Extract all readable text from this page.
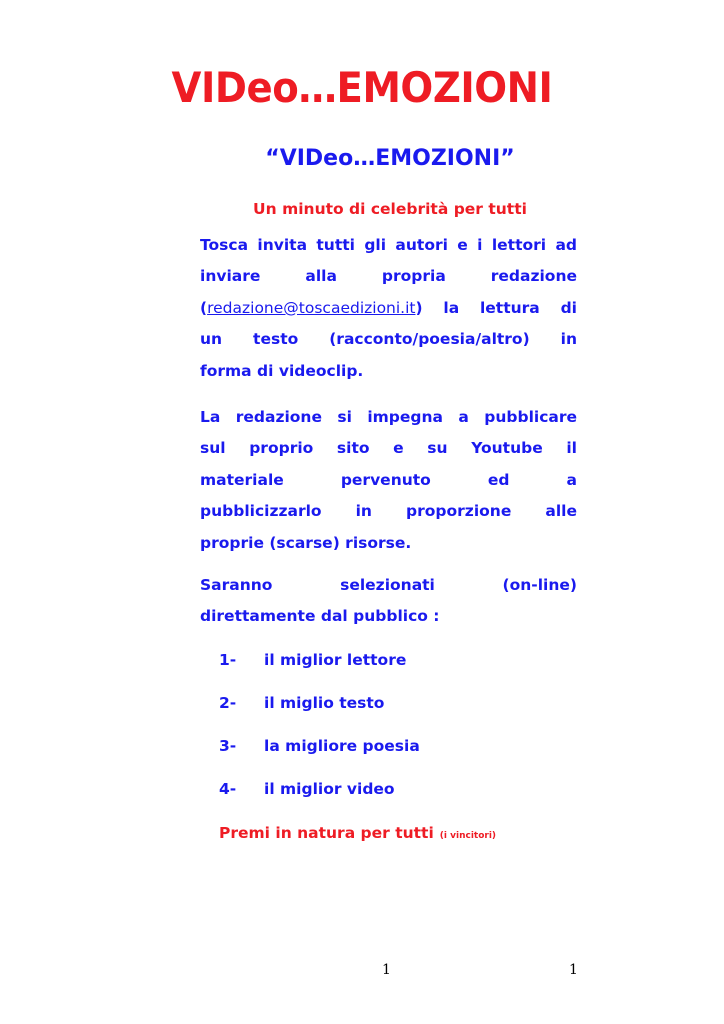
VIDeo…EMOZIONI
“VIDeo…EMOZIONI”

Un minuto di celebrità per tutti

Tosca invita tutti gli autori e i lettori ad
inviare alla propria redazione
(redazione@toscaedizioni.it) la lettura di
un testo (racconto/poesia/altro) in
forma di videoclip.
La redazione si impegna a pubblicare
sul proprio sito e su Youtube il
materiale pervenuto ed a
pubblicizzarlo in proporzione alle
proprie (scarse) risorse.
Saranno selezionati (on-line)
direttamente dal pubblico :

1- il miglior lettore

2- il miglio testo

3- la migliore poesia

4- il miglior video

Premi in natura per tutti (i vincitori)

1	1
